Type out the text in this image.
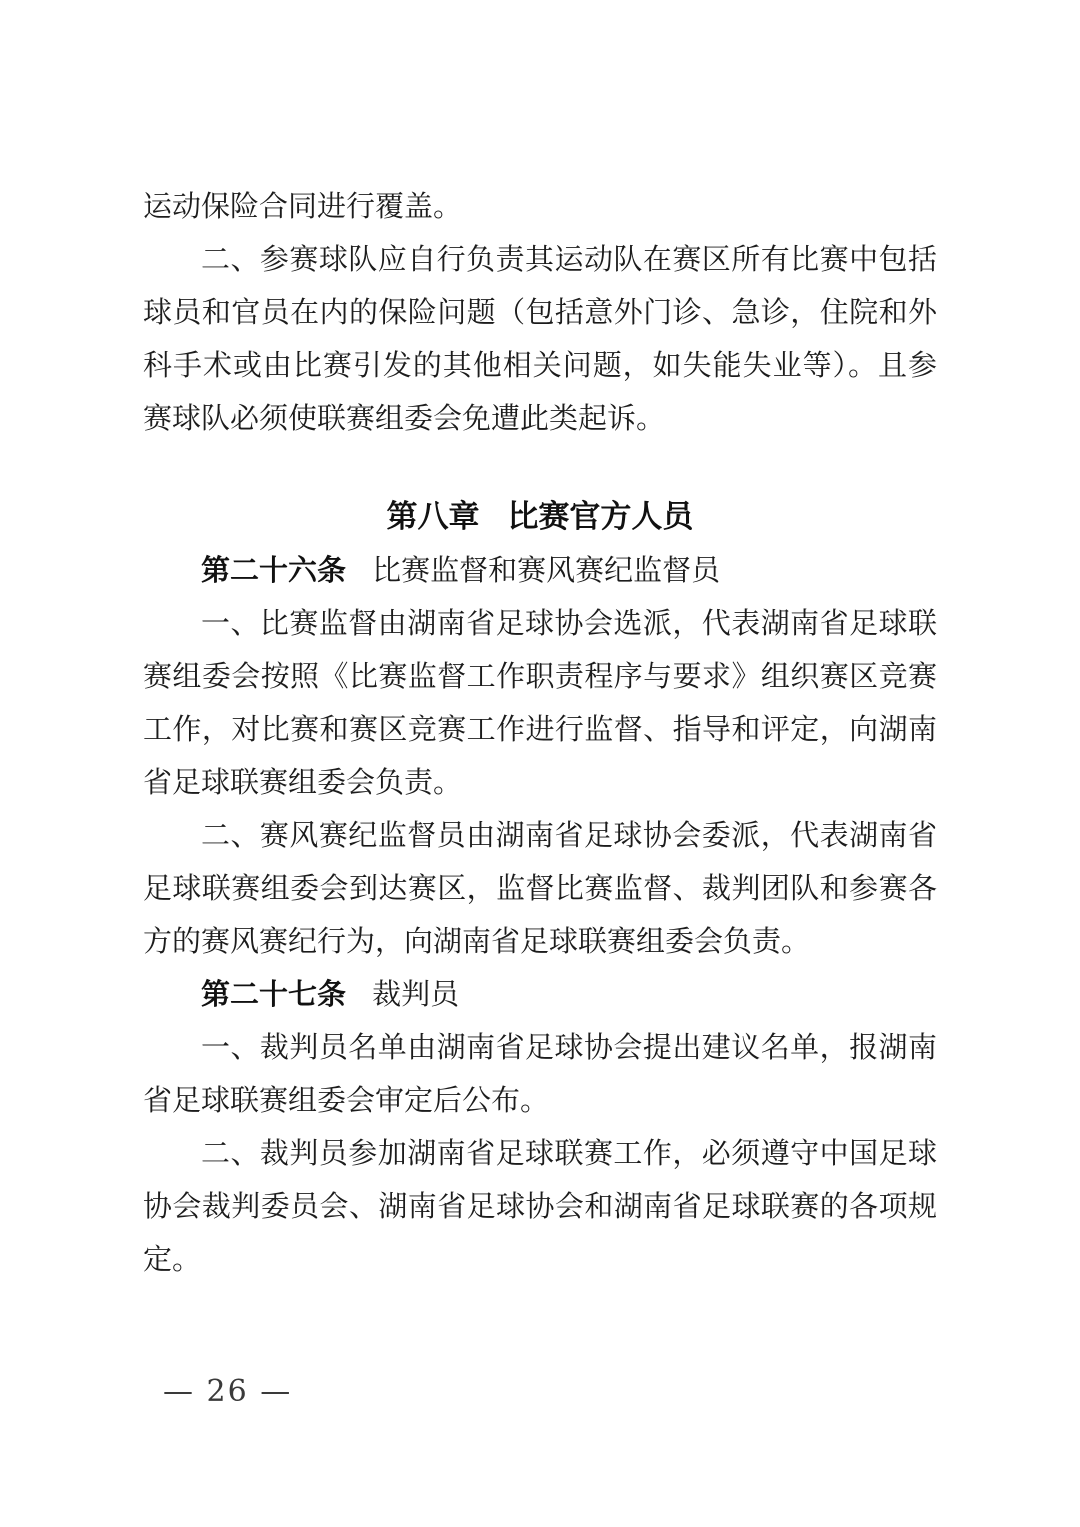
运动保险合同进行覆盖。

二、参赛球队应自行负责其运动队在赛区所有比赛中包括球员和官员在内的保险问题（包括意外门诊、急诊，住院和外科手术或由比赛引发的其他相关问题，如失能失业等）。且参赛球队必须使联赛组委会免遭此类起诉。

第八章 比赛官方人员

第二十六条 比赛监督和赛风赛纪监督员

一、比赛监督由湖南省足球协会选派，代表湖南省足球联赛组委会按照《比赛监督工作职责程序与要求》组织赛区竞赛工作，对比赛和赛区竞赛工作进行监督、指导和评定，向湖南省足球联赛组委会负责。

二、赛风赛纪监督员由湖南省足球协会委派，代表湖南省足球联赛组委会到达赛区，监督比赛监督、裁判团队和参赛各方的赛风赛纪行为，向湖南省足球联赛组委会负责。

第二十七条 裁判员

一、裁判员名单由湖南省足球协会提出建议名单，报湖南省足球联赛组委会审定后公布。

二、裁判员参加湖南省足球联赛工作，必须遵守中国足球协会裁判委员会、湖南省足球协会和湖南省足球联赛的各项规定。

— 26 —
